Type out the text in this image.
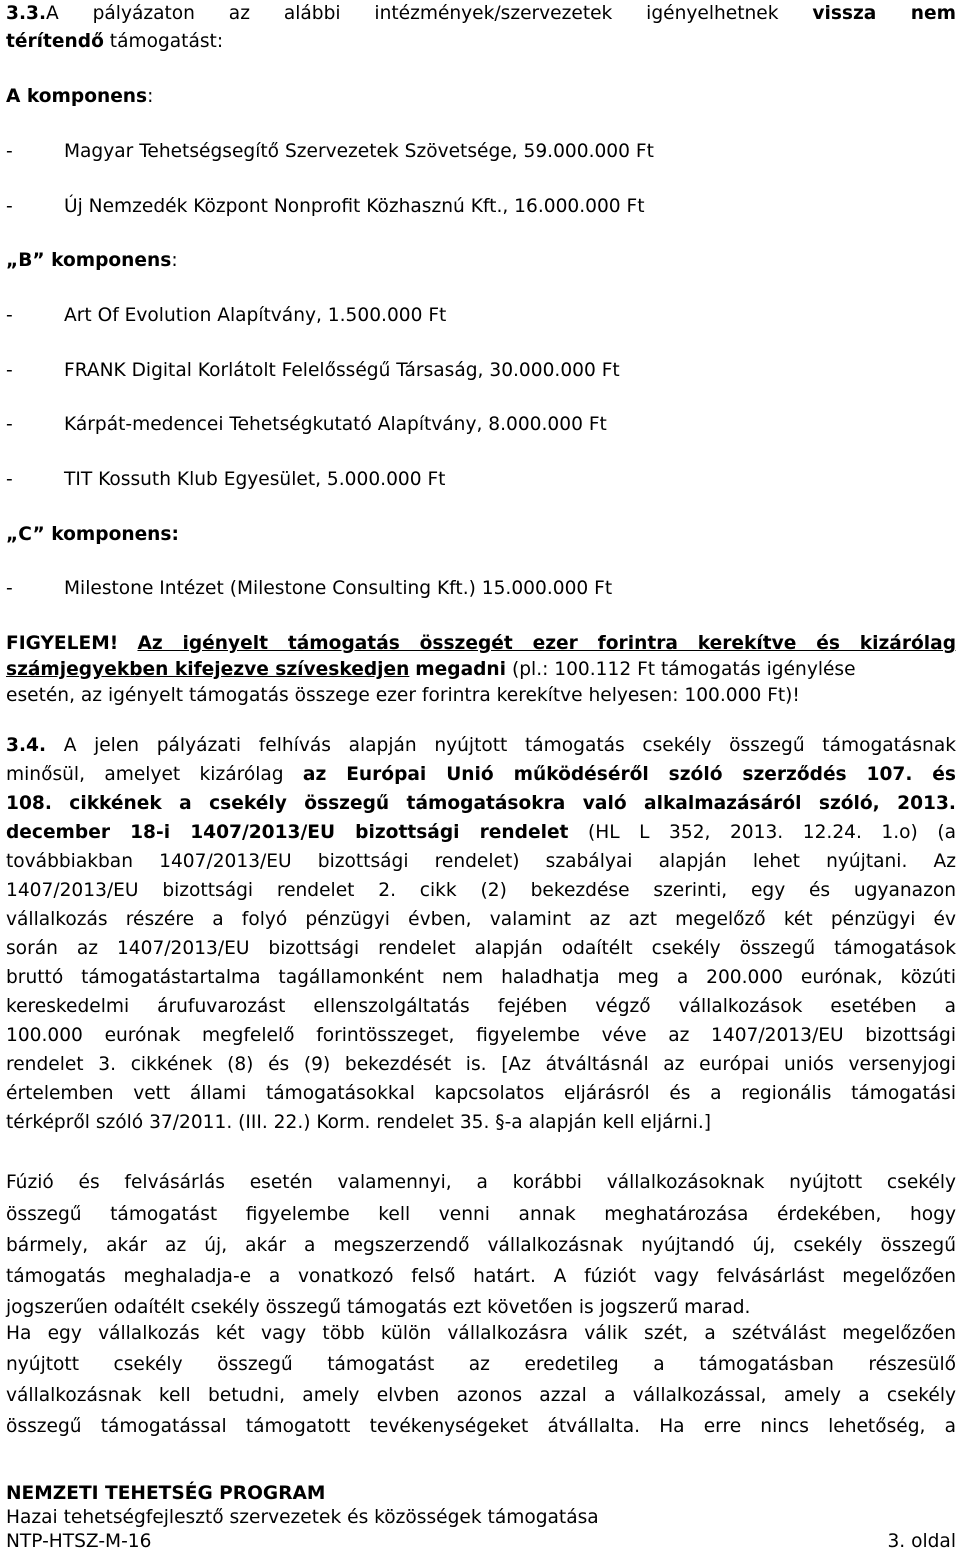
3.3.A pályázaton az alábbi intézmények/szervezetek igényelhetnek vissza nem
térítendő támogatást:
A komponens:
-	Magyar Tehetségsegítő Szervezetek Szövetsége, 59.000.000 Ft
-	Új Nemzedék Központ Nonprofit Közhasznú Kft., 16.000.000 Ft
„B” komponens:
-	Art Of Evolution Alapítvány, 1.500.000 Ft
-	FRANK Digital Korlátolt Felelősségű Társaság, 30.000.000 Ft
-	Kárpát-medencei Tehetségkutató Alapítvány, 8.000.000 Ft
-	TIT Kossuth Klub Egyesület, 5.000.000 Ft
„C” komponens:
-	Milestone Intézet (Milestone Consulting Kft.) 15.000.000 Ft
FIGYELEM! Az igényelt támogatás összegét ezer forintra kerekítve és kizárólag
számjegyekben kifejezve szíveskedjen megadni (pl.: 100.112 Ft támogatás igénylése
esetén, az igényelt támogatás összege ezer forintra kerekítve helyesen: 100.000 Ft)!
3.4. A jelen pályázati felhívás alapján nyújtott támogatás csekély összegű támogatásnak
minősül, amelyet kizárólag az Európai Unió működéséről szóló szerződés 107. és
108. cikkének a csekély összegű támogatásokra való alkalmazásáról szóló, 2013.
december 18-i 1407/2013/EU bizottsági rendelet (HL L 352, 2013. 12.24. 1.o) (a
továbbiakban 1407/2013/EU bizottsági rendelet) szabályai alapján lehet nyújtani. Az
1407/2013/EU bizottsági rendelet 2. cikk (2) bekezdése szerinti, egy és ugyanazon
vállalkozás részére a folyó pénzügyi évben, valamint az azt megelőző két pénzügyi év
során az 1407/2013/EU bizottsági rendelet alapján odaítélt csekély összegű támogatások
bruttó támogatástartalma tagállamonként nem haladhatja meg a 200.000 eurónak, közúti
kereskedelmi árufuvarozást ellenszolgáltatás fejében végző vállalkozások esetében a
100.000 eurónak megfelelő forintösszeget, figyelembe véve az 1407/2013/EU bizottsági
rendelet 3. cikkének (8) és (9) bekezdését is. [Az átváltásnál az európai uniós versenyjogi
értelemben vett állami támogatásokkal kapcsolatos eljárásról és a regionális támogatási
térképről szóló 37/2011. (III. 22.) Korm. rendelet 35. §-a alapján kell eljárni.]
Fúzió és felvásárlás esetén valamennyi, a korábbi vállalkozásoknak nyújtott csekély
összegű támogatást figyelembe kell venni annak meghatározása érdekében, hogy
bármely, akár az új, akár a megszerzendő vállalkozásnak nyújtandó új, csekély összegű
támogatás meghaladja-e a vonatkozó felső határt. A fúziót vagy felvásárlást megelőzően
jogszerűen odaítélt csekély összegű támogatás ezt követően is jogszerű marad.
Ha egy vállalkozás két vagy több külön vállalkozásra válik szét, a szétválást megelőzően
nyújtott csekély összegű támogatást az eredetileg a támogatásban részesülő
vállalkozásnak kell betudni, amely elvben azonos azzal a vállalkozással, amely a csekély
összegű támogatással támogatott tevékenységeket átvállalta. Ha erre nincs lehetőség, a
NEMZETI TEHETSÉG PROGRAM
Hazai tehetségfejlesztő szervezetek és közösségek támogatása
NTP-HTSZ-M-16	3. oldal
